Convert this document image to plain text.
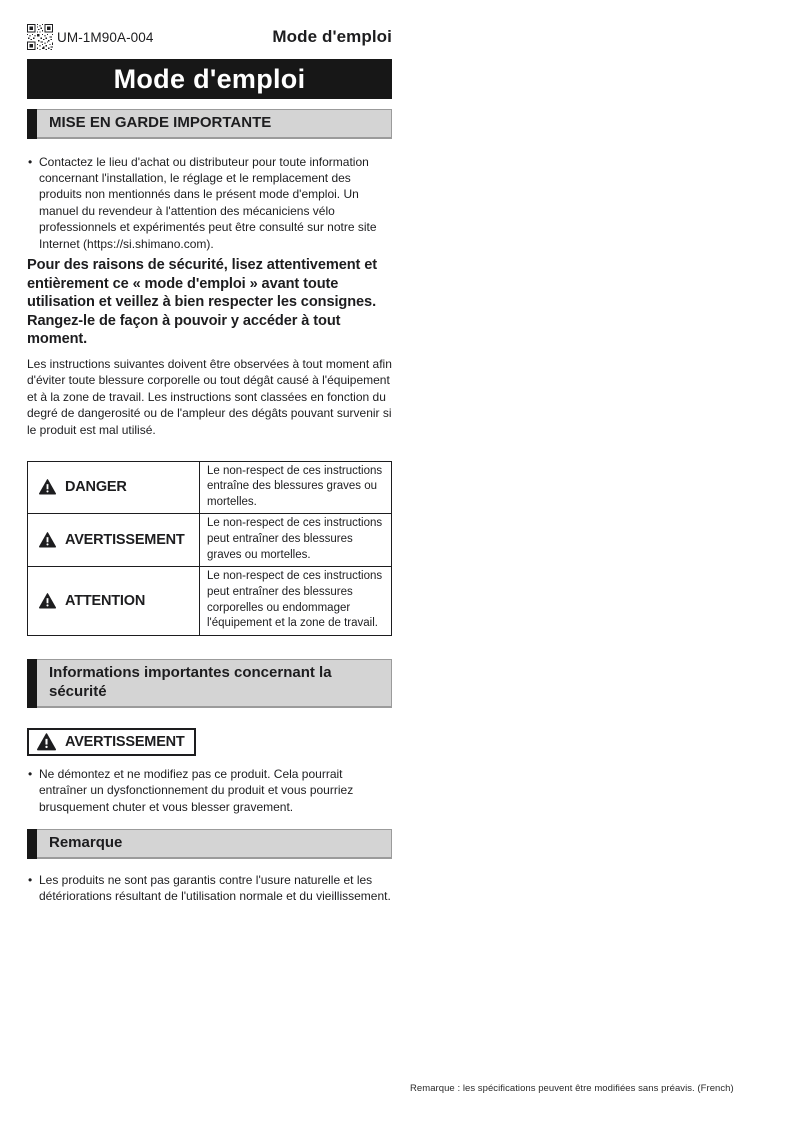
UM-1M90A-004	Mode d'emploi
Mode d'emploi
MISE EN GARDE IMPORTANTE
• Contactez le lieu d'achat ou distributeur pour toute information concernant l'installation, le réglage et le remplacement des produits non mentionnés dans le présent mode d'emploi. Un manuel du revendeur à l'attention des mécaniciens vélo professionnels et expérimentés peut être consulté sur notre site Internet (https://si.shimano.com).

Pour des raisons de sécurité, lisez attentivement et entièrement ce « mode d'emploi » avant toute utilisation et veillez à bien respecter les consignes. Rangez-le de façon à pouvoir y accéder à tout moment.

Les instructions suivantes doivent être observées à tout moment afin d'éviter toute blessure corporelle ou tout dégât causé à l'équipement et à la zone de travail. Les instructions sont classées en fonction du degré de dangerosité ou de l'ampleur des dégâts pouvant survenir si le produit est mal utilisé.

DANGER	Le non-respect de ces instructions entraîne des blessures graves ou mortelles.

AVERTISSEMENT	Le non-respect de ces instructions peut entraîner des blessures graves ou mortelles.

ATTENTION	Le non-respect de ces instructions peut entraîner des blessures corporelles ou endommager l'équipement et la zone de travail.
Informations importantes concernant la sécurité
AVERTISSEMENT
• Ne démontez et ne modifiez pas ce produit. Cela pourrait entraîner un dysfonctionnement du produit et vous pourriez brusquement chuter et vous blesser gravement.
Remarque
• Les produits ne sont pas garantis contre l'usure naturelle et les détériorations résultant de l'utilisation normale et du vieillissement.
Remarque : les spécifications peuvent être modifiées sans préavis. (French)
